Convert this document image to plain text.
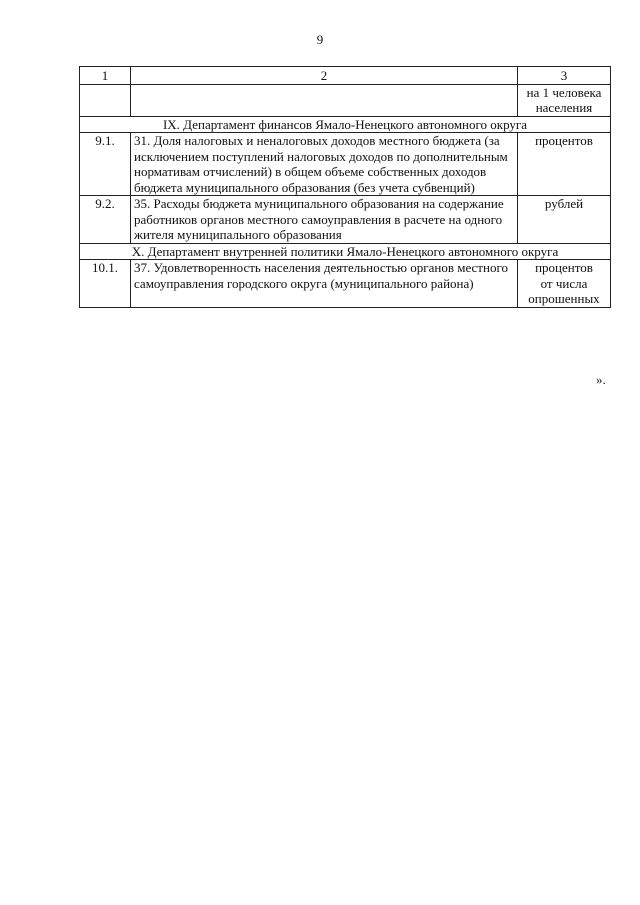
9
1	2	3

		на 1 человека
населения

IX. Департамент финансов Ямало-Ненецкого автономного округа		
9.1.	31. Доля налоговых и неналоговых доходов местного бюджета (за исключением поступлений налоговых доходов по дополнительным нормативам отчислений) в общем объеме собственных доходов бюджета муниципального образования (без учета субвенций)	процентов

9.2.	35. Расходы бюджета муниципального образования на содержание работников органов местного самоуправления в расчете на одного жителя муниципального образования	рублей

X. Департамент внутренней политики Ямало-Ненецкого автономного округа		
10.1.	37. Удовлетворенность населения деятельностью органов местного самоуправления городского округа (муниципального района)	процентов
от числа
опрошенных
».
